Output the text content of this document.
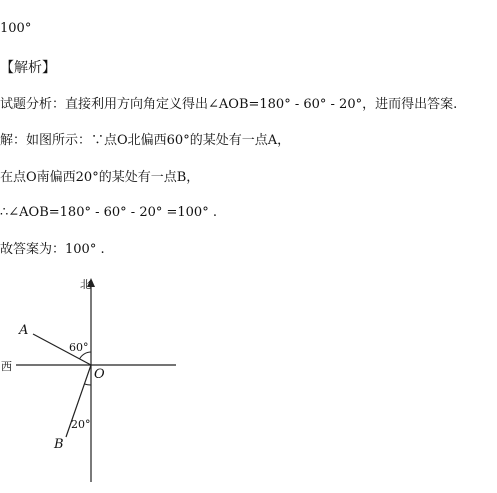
100°
【解析】
试题分析：直接利用方向角定义得出∠AOB=180° - 60° - 20°，进而得出答案.
解：如图所示：∵点O北偏西60°的某处有一点A，
在点O南偏西20°的某处有一点B，
∴∠AOB=180° - 60° - 20° =100° .
故答案为：100° .
北
西
A
B
O
60°
20°
